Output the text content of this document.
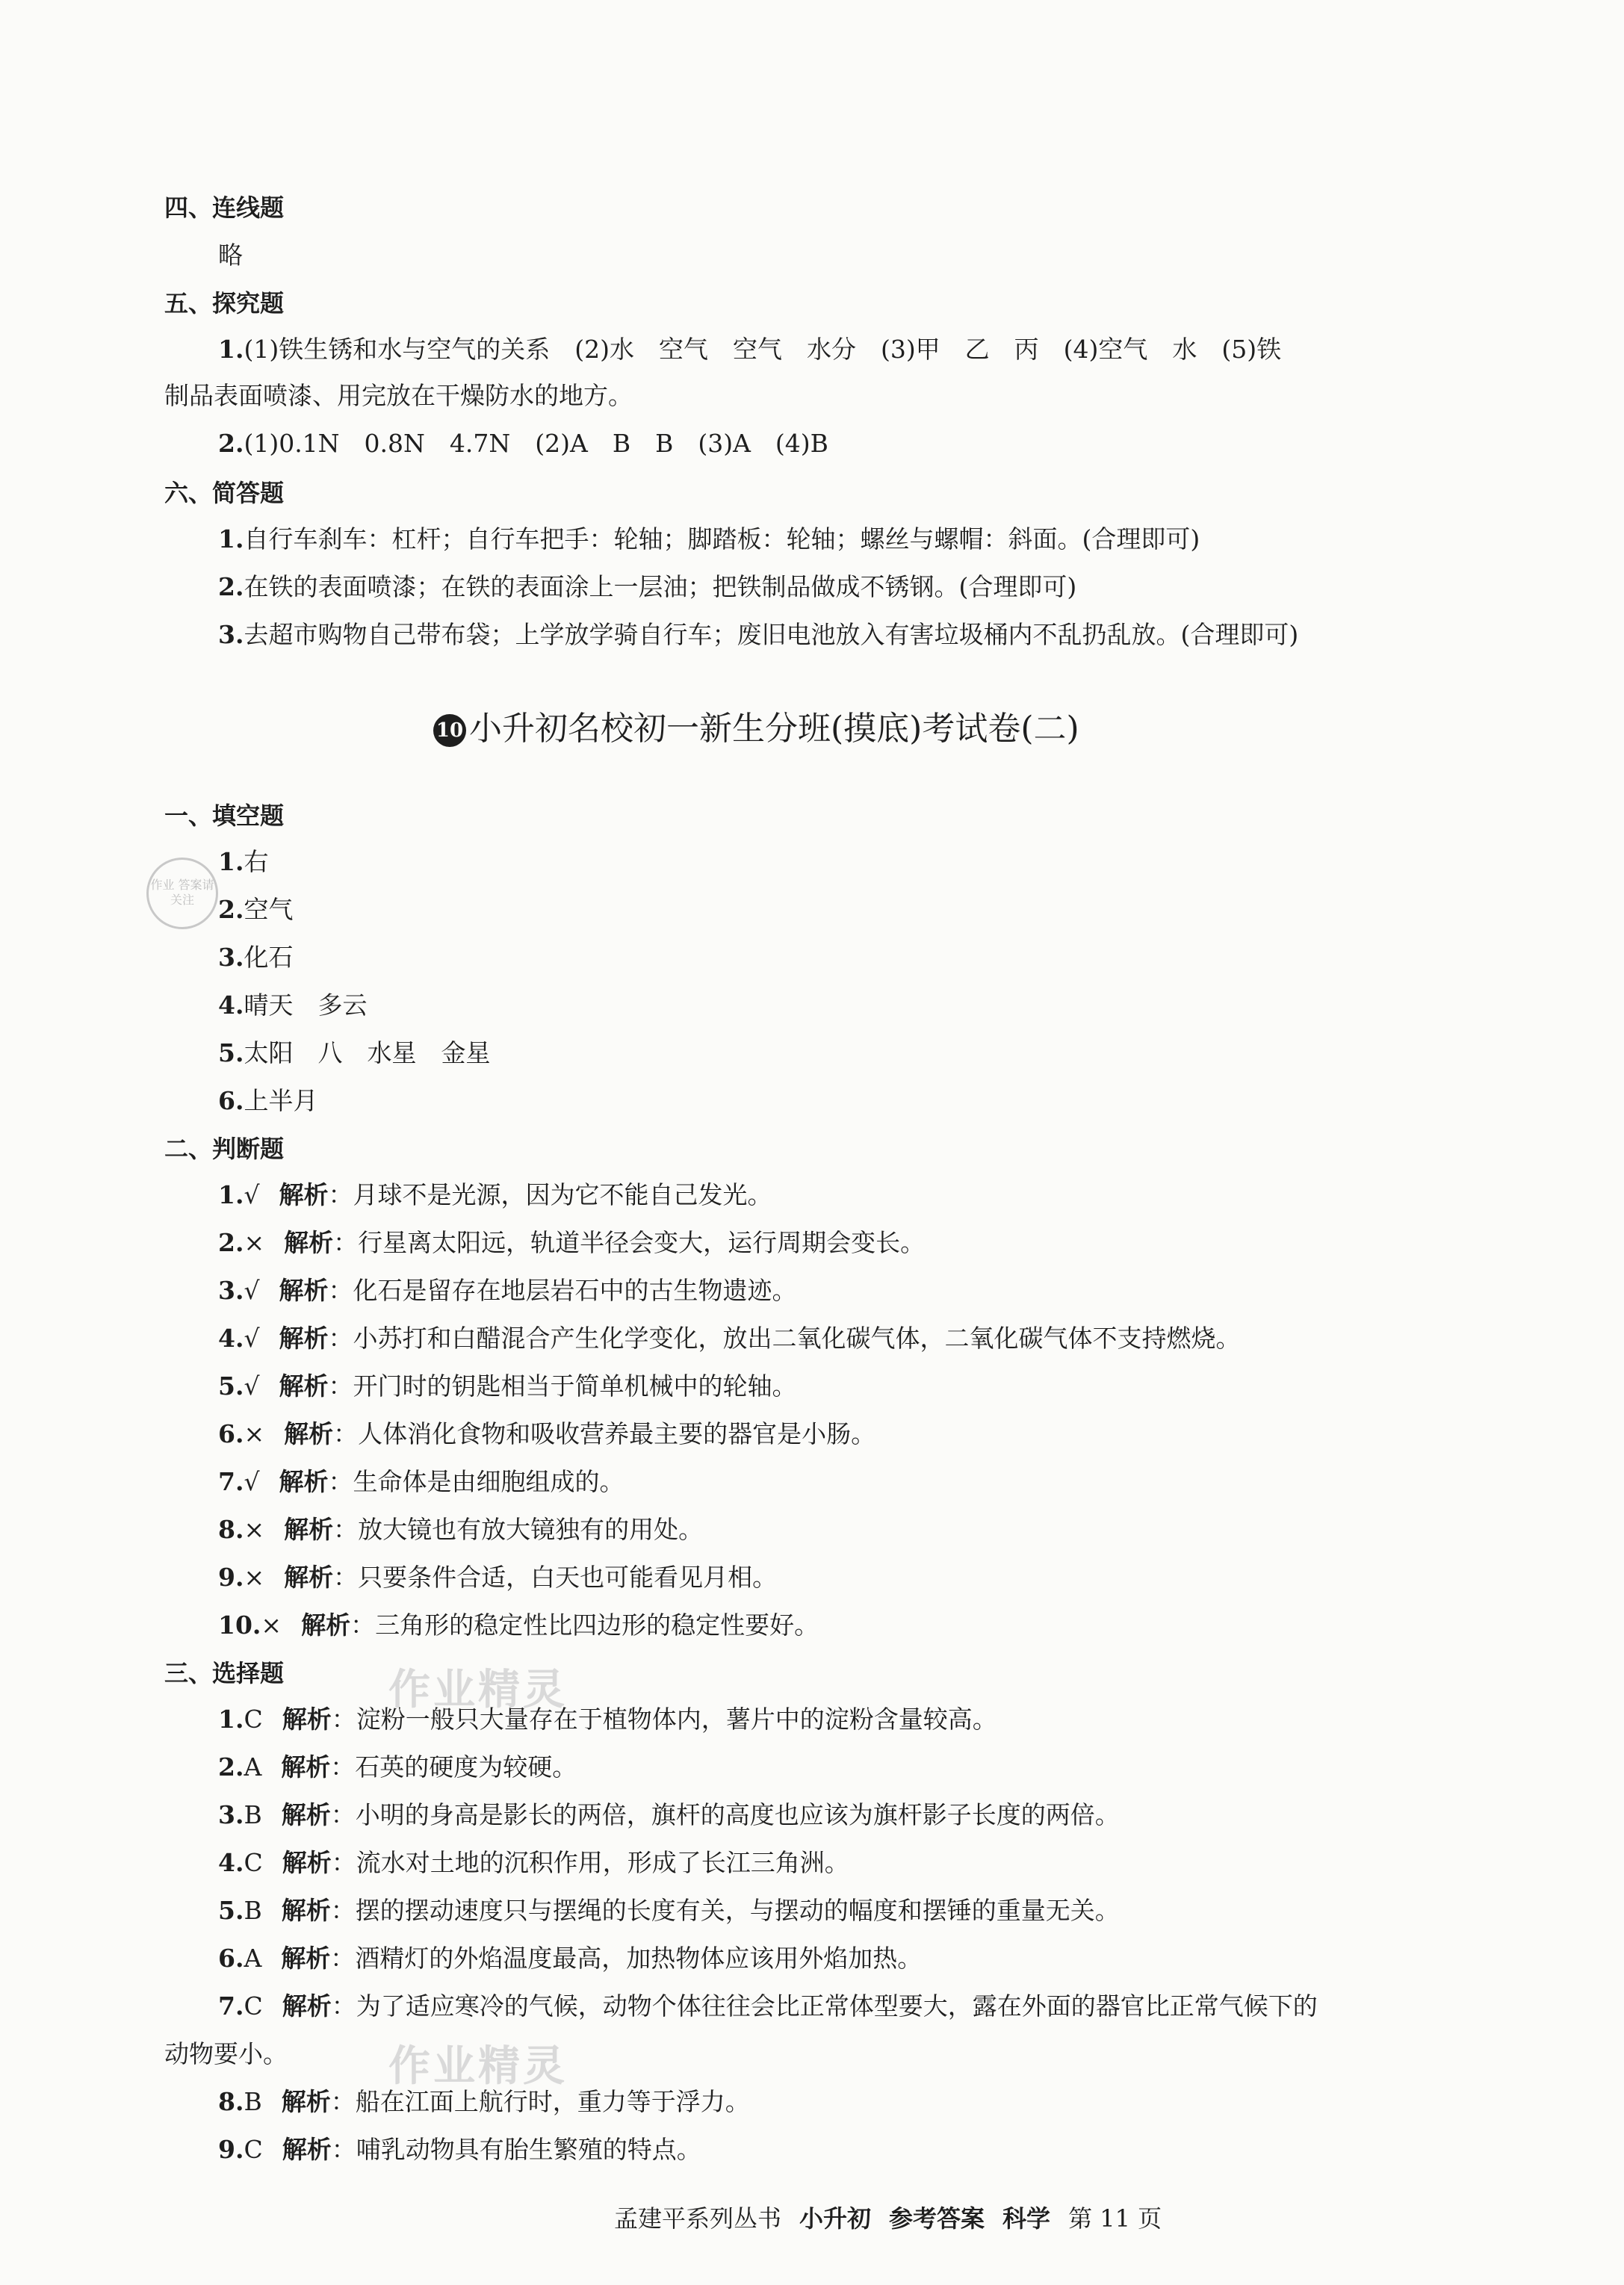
四、连线题
略
五、探究题
1.(1)铁生锈和水与空气的关系　(2)水　空气　空气　水分　(3)甲　乙　丙　(4)空气　水　(5)铁
制品表面喷漆、用完放在干燥防水的地方。
2.(1)0.1N　0.8N　4.7N　(2)A　B　B　(3)A　(4)B
六、简答题
1.自行车刹车：杠杆；自行车把手：轮轴；脚踏板：轮轴；螺丝与螺帽：斜面。(合理即可)
2.在铁的表面喷漆；在铁的表面涂上一层油；把铁制品做成不锈钢。(合理即可)
3.去超市购物自己带布袋；上学放学骑自行车；废旧电池放入有害垃圾桶内不乱扔乱放。(合理即可)
10 小升初名校初一新生分班(摸底)考试卷(二)
一、填空题
1.右
2.空气
3.化石
4.晴天　多云
5.太阳　八　水星　金星
6.上半月
二、判断题
1.√ 解析：月球不是光源，因为它不能自己发光。
2.× 解析：行星离太阳远，轨道半径会变大，运行周期会变长。
3.√ 解析：化石是留存在地层岩石中的古生物遗迹。
4.√ 解析：小苏打和白醋混合产生化学变化，放出二氧化碳气体，二氧化碳气体不支持燃烧。
5.√ 解析：开门时的钥匙相当于简单机械中的轮轴。
6.× 解析：人体消化食物和吸收营养最主要的器官是小肠。
7.√ 解析：生命体是由细胞组成的。
8.× 解析：放大镜也有放大镜独有的用处。
9.× 解析：只要条件合适，白天也可能看见月相。
10.× 解析：三角形的稳定性比四边形的稳定性要好。
三、选择题
1.C 解析：淀粉一般只大量存在于植物体内，薯片中的淀粉含量较高。
2.A 解析：石英的硬度为较硬。
3.B 解析：小明的身高是影长的两倍，旗杆的高度也应该为旗杆影子长度的两倍。
4.C 解析：流水对土地的沉积作用，形成了长江三角洲。
5.B 解析：摆的摆动速度只与摆绳的长度有关，与摆动的幅度和摆锤的重量无关。
6.A 解析：酒精灯的外焰温度最高，加热物体应该用外焰加热。
7.C 解析：为了适应寒冷的气候，动物个体往往会比正常体型要大，露在外面的器官比正常气候下的
动物要小。
8.B 解析：船在江面上航行时，重力等于浮力。
9.C 解析：哺乳动物具有胎生繁殖的特点。
作业 答案请关注
作业精灵
作业精灵
孟建平系列丛书 小升初 参考答案 科学 第 11 页
